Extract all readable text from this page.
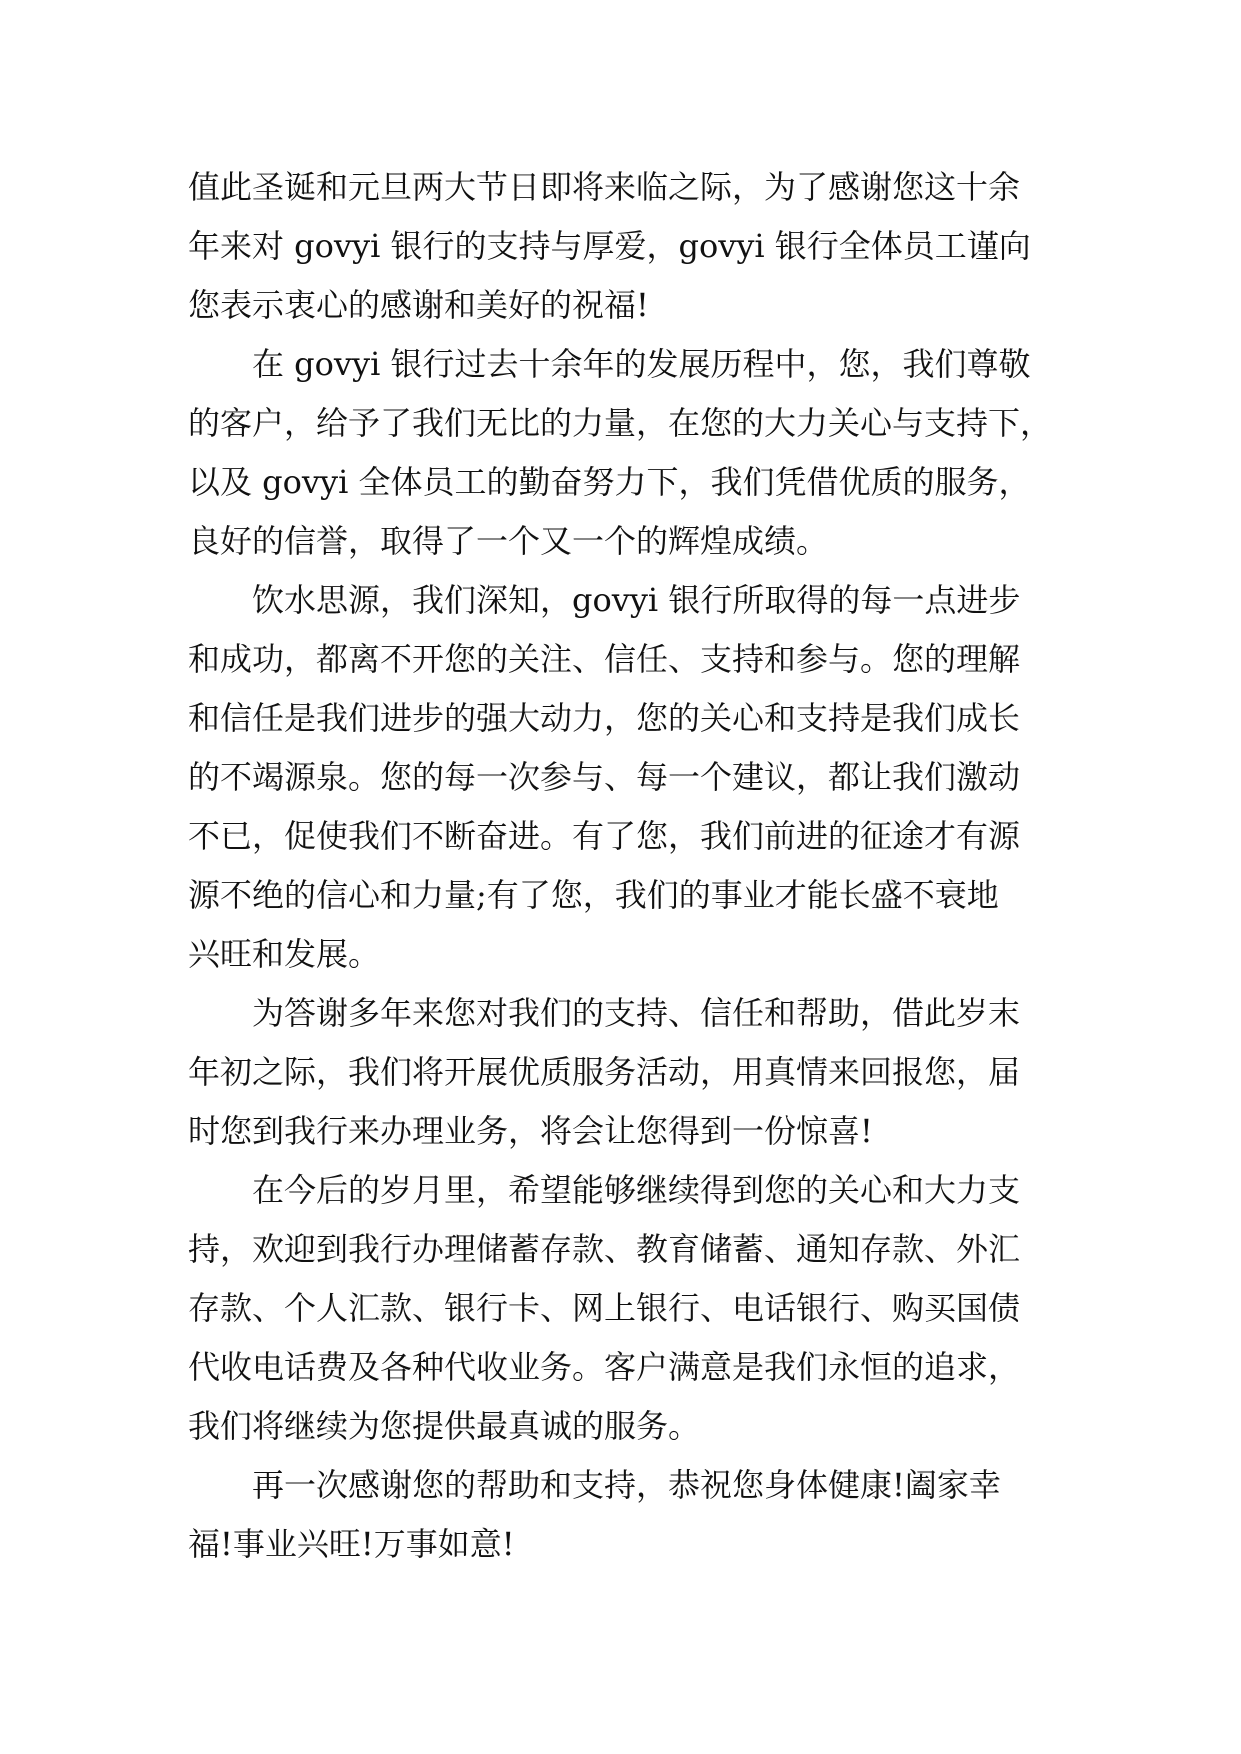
值此圣诞和元旦两大节日即将来临之际，为了感谢您这十余
年来对 govyi 银行的支持与厚爱，govyi 银行全体员工谨向
您表示衷心的感谢和美好的祝福!
在 govyi 银行过去十余年的发展历程中，您，我们尊敬
的客户，给予了我们无比的力量，在您的大力关心与支持下，
以及 govyi 全体员工的勤奋努力下，我们凭借优质的服务，
良好的信誉，取得了一个又一个的辉煌成绩。
饮水思源，我们深知，govyi 银行所取得的每一点进步
和成功，都离不开您的关注、信任、支持和参与。您的理解
和信任是我们进步的强大动力，您的关心和支持是我们成长
的不竭源泉。您的每一次参与、每一个建议，都让我们激动
不已，促使我们不断奋进。有了您，我们前进的征途才有源
源不绝的信心和力量;有了您，我们的事业才能长盛不衰地
兴旺和发展。
为答谢多年来您对我们的支持、信任和帮助，借此岁末
年初之际，我们将开展优质服务活动，用真情来回报您，届
时您到我行来办理业务，将会让您得到一份惊喜!
在今后的岁月里，希望能够继续得到您的关心和大力支
持，欢迎到我行办理储蓄存款、教育储蓄、通知存款、外汇
存款、个人汇款、银行卡、网上银行、电话银行、购买国债
代收电话费及各种代收业务。客户满意是我们永恒的追求，
我们将继续为您提供最真诚的服务。
再一次感谢您的帮助和支持，恭祝您身体健康!阖家幸
福!事业兴旺!万事如意!
